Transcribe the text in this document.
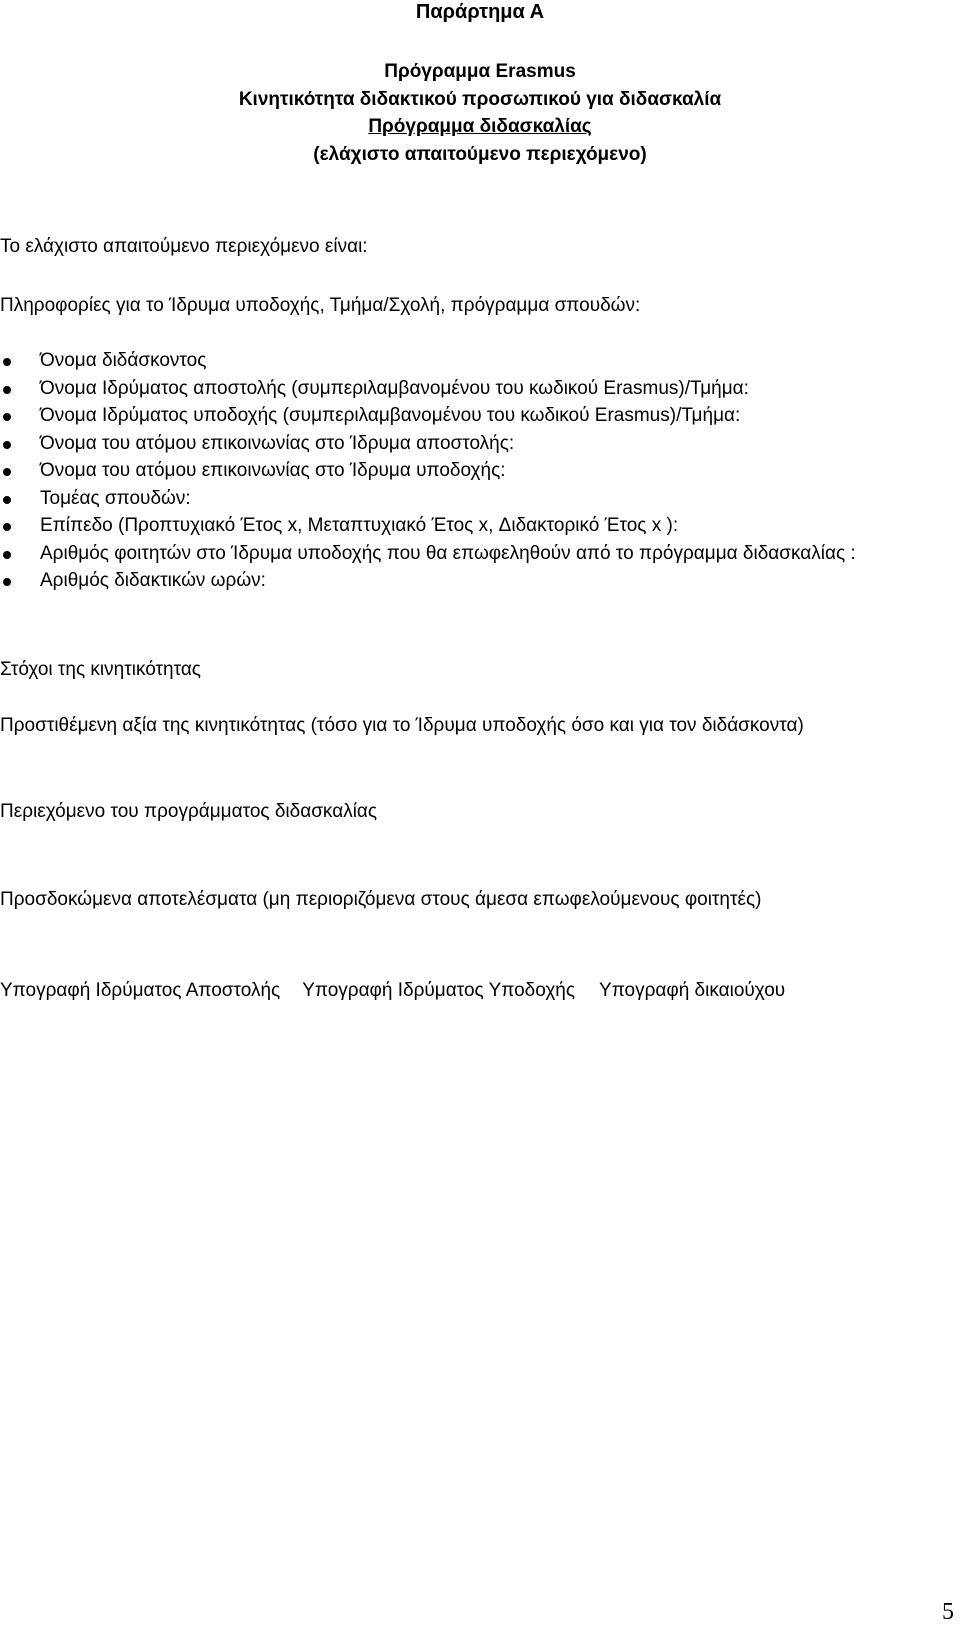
Παράρτημα Α
Πρόγραμμα Erasmus
Κινητικότητα διδακτικού προσωπικού για διδασκαλία
Πρόγραμμα διδασκαλίας
(ελάχιστο απαιτούμενο περιεχόμενο)
Το ελάχιστο απαιτούμενο περιεχόμενο είναι:
Πληροφορίες για το Ίδρυμα υποδοχής, Τμήμα/Σχολή, πρόγραμμα σπουδών:
Όνομα διδάσκοντος
Όνομα Ιδρύματος αποστολής (συμπεριλαμβανομένου του κωδικού Erasmus)/Τμήμα:
Όνομα Ιδρύματος υποδοχής (συμπεριλαμβανομένου του κωδικού Erasmus)/Τμήμα:
Όνομα του ατόμου επικοινωνίας στο Ίδρυμα αποστολής:
Όνομα του ατόμου επικοινωνίας στο Ίδρυμα υποδοχής:
Τομέας σπουδών:
Επίπεδο (Προπτυχιακό Έτος x, Μεταπτυχιακό Έτος x, Διδακτορικό Έτος x ):
Αριθμός φοιτητών στο Ίδρυμα υποδοχής που θα επωφεληθούν από το πρόγραμμα διδασκαλίας :
Αριθμός διδακτικών ωρών:
Στόχοι της κινητικότητας
Προστιθέμενη αξία της κινητικότητας (τόσο για το Ίδρυμα υποδοχής όσο και για τον διδάσκοντα)
Περιεχόμενο του προγράμματος διδασκαλίας
Προσδοκώμενα αποτελέσματα (μη περιοριζόμενα στους άμεσα επωφελούμενους φοιτητές)
Υπογραφή Ιδρύματος Αποστολής Υπογραφή Ιδρύματος Υποδοχής Υπογραφή δικαιούχου
5
